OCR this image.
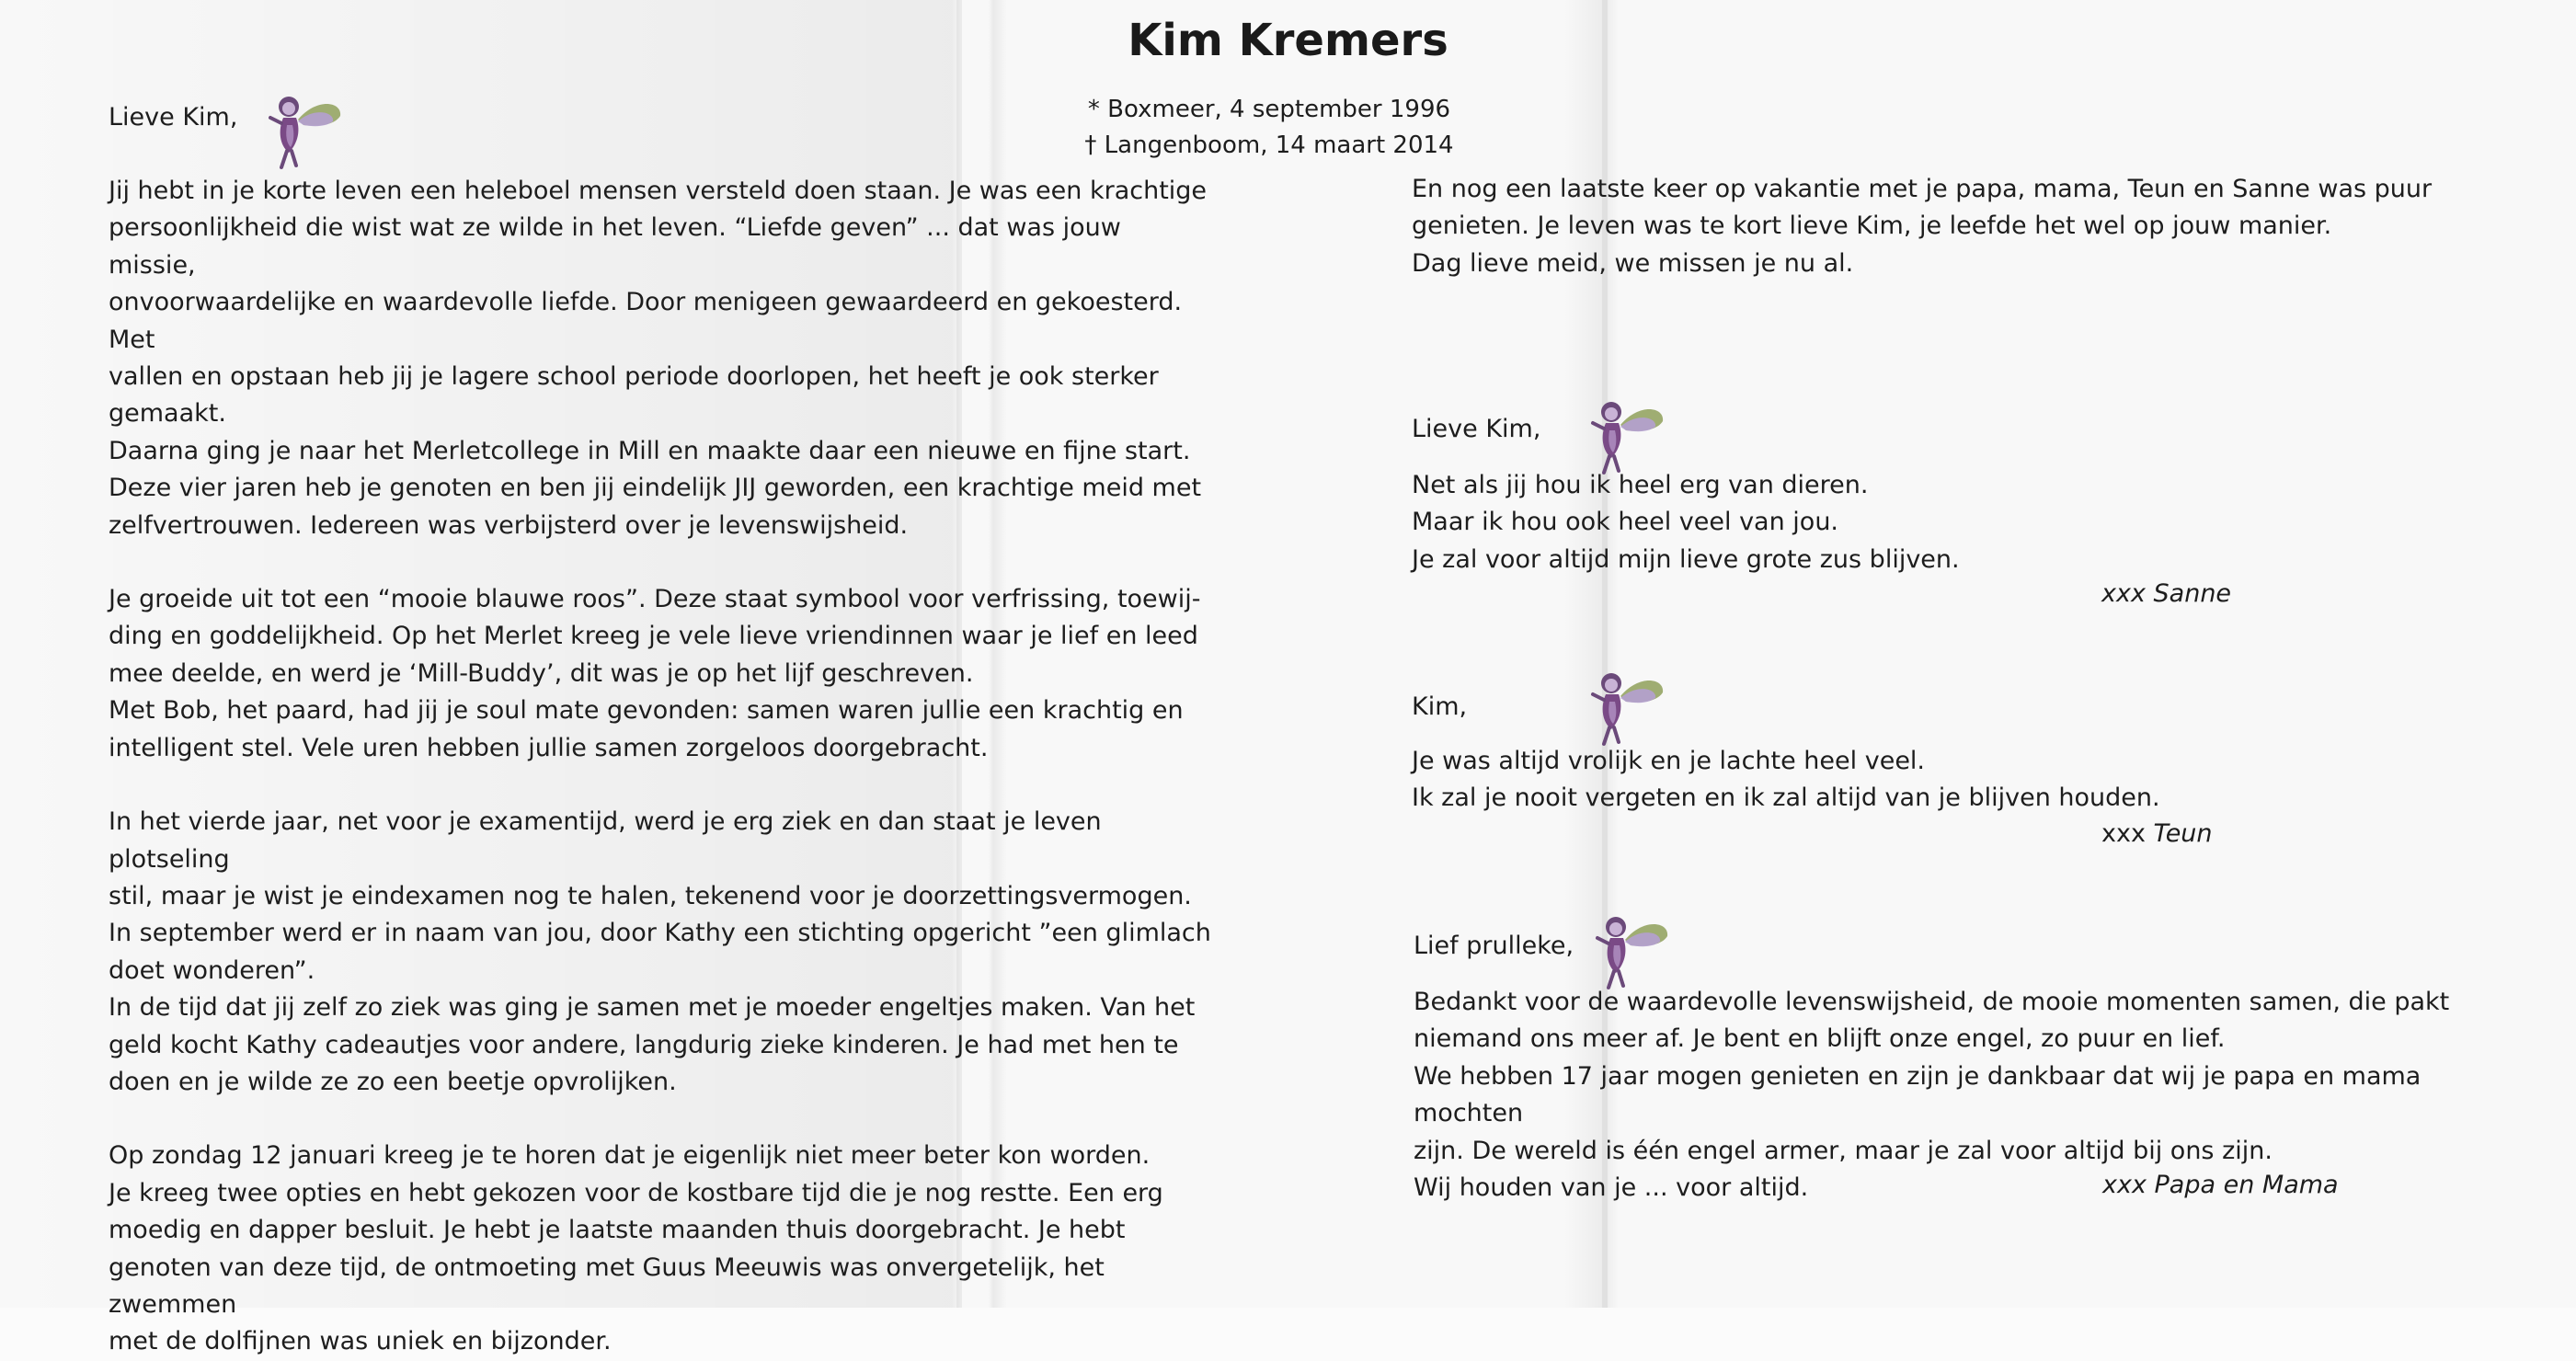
Kim Kremers
* Boxmeer, 4 september 1996
† Langenboom, 14 maart 2014
Lieve Kim,

Jij hebt in je korte leven een heleboel mensen versteld doen staan. Je was een krachtige

persoonlijkheid die wist wat ze wilde in het leven. “Liefde geven” ... dat was jouw missie,

onvoorwaardelijke en waardevolle liefde. Door menigeen gewaardeerd en gekoesterd. Met

vallen en opstaan heb jij je lagere school periode doorlopen, het heeft je ook sterker

gemaakt.

Daarna ging je naar het Merletcollege in Mill en maakte daar een nieuwe en fijne start.

Deze vier jaren heb je genoten en ben jij eindelijk JIJ geworden, een krachtige meid met

zelfvertrouwen. Iedereen was verbijsterd over je levenswijsheid.

Je groeide uit tot een “mooie blauwe roos”. Deze staat symbool voor verfrissing, toewij-

ding en goddelijkheid. Op het Merlet kreeg je vele lieve vriendinnen waar je lief en leed

mee deelde, en werd je ‘Mill-Buddy’, dit was je op het lijf geschreven.

Met Bob, het paard, had jij je soul mate gevonden: samen waren jullie een krachtig en

intelligent stel. Vele uren hebben jullie samen zorgeloos doorgebracht.

In het vierde jaar, net voor je examentijd, werd je erg ziek en dan staat je leven plotseling

stil, maar je wist je eindexamen nog te halen, tekenend voor je doorzettingsvermogen.

In september werd er in naam van jou, door Kathy een stichting opgericht ”een glimlach

doet wonderen”.

In de tijd dat jij zelf zo ziek was ging je samen met je moeder engeltjes maken. Van het

geld kocht Kathy cadeautjes voor andere, langdurig zieke kinderen. Je had met hen te

doen en je wilde ze zo een beetje opvrolijken.

Op zondag 12 januari kreeg je te horen dat je eigenlijk niet meer beter kon worden.

Je kreeg twee opties en hebt gekozen voor de kostbare tijd die je nog restte. Een erg

moedig en dapper besluit. Je hebt je laatste maanden thuis doorgebracht. Je hebt

genoten van deze tijd, de ontmoeting met Guus Meeuwis was onvergetelijk, het zwemmen

met de dolfijnen was uniek en bijzonder.

En nog een laatste keer op vakantie met je papa, mama, Teun en Sanne was puur

genieten. Je leven was te kort lieve Kim, je leefde het wel op jouw manier.

Dag lieve meid, we missen je nu al.

Lieve Kim,

Net als jij hou ik heel erg van dieren.

Maar ik hou ook heel veel van jou.

Je zal voor altijd mijn lieve grote zus blijven.

xxx Sanne
Kim,

Je was altijd vrolijk en je lachte heel veel.

Ik zal je nooit vergeten en ik zal altijd van je blijven houden.

xxx Teun
Lief prulleke,

Bedankt voor de waardevolle levenswijsheid, de mooie momenten samen, die pakt

niemand ons meer af. Je bent en blijft onze engel, zo puur en lief.

We hebben 17 jaar mogen genieten en zijn je dankbaar dat wij je papa en mama mochten

zijn. De wereld is één engel armer, maar je zal voor altijd bij ons zijn.

Wij houden van je ... voor altijd.	xxx Papa en Mama
